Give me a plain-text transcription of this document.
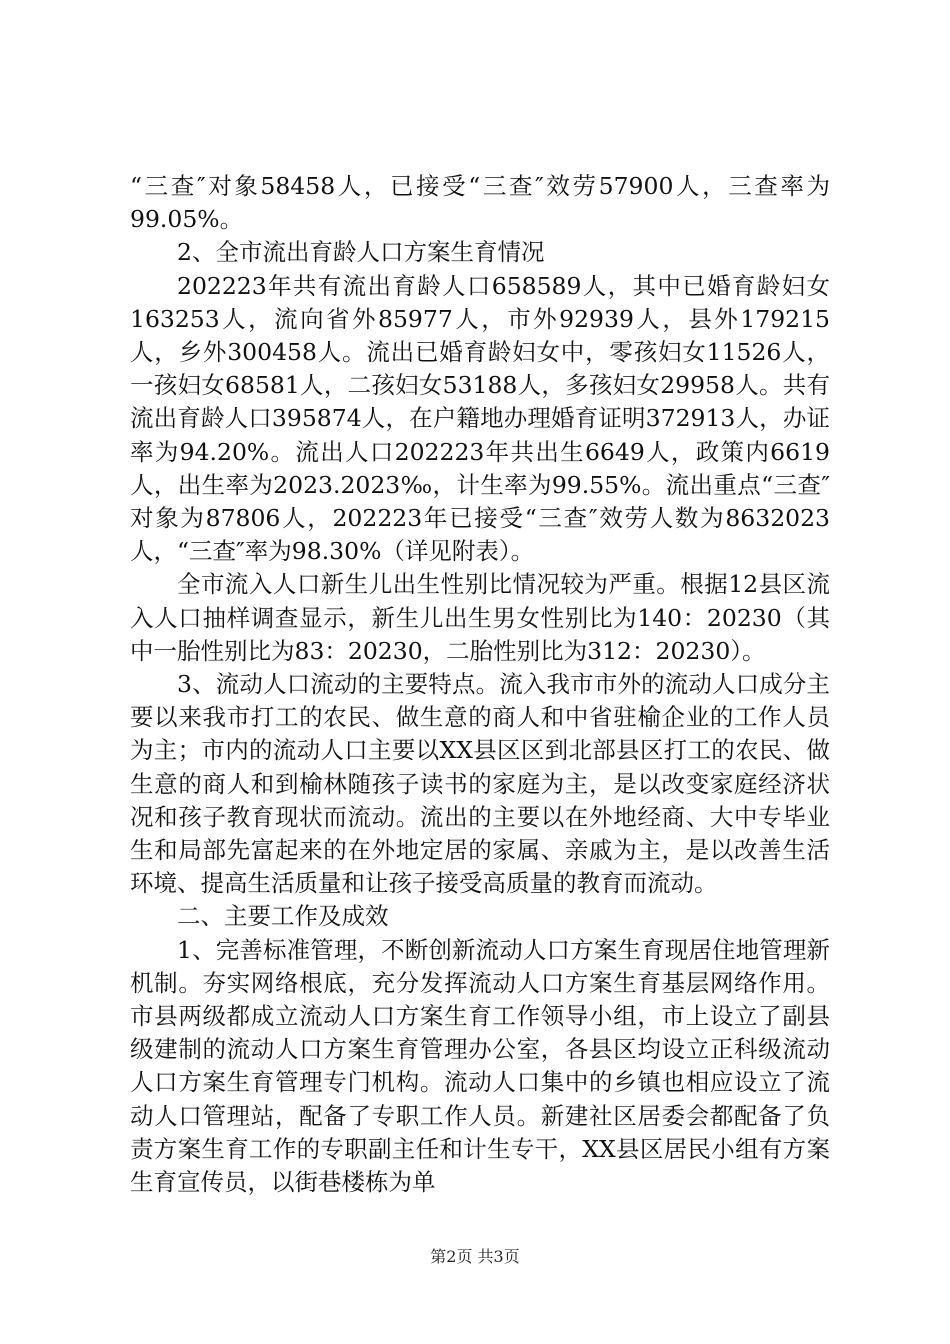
“三查″对象58458人，已接受“三查″效劳57900人，三查率为99.05%。

2、全市流出育龄人口方案生育情况

202223年共有流出育龄人口658589人，其中已婚育龄妇女163253人，流向省外85977人，市外92939人，县外179215人，乡外300458人。流出已婚育龄妇女中，零孩妇女11526人，一孩妇女68581人，二孩妇女53188人，多孩妇女29958人。共有流出育龄人口395874人，在户籍地办理婚育证明372913人，办证率为94.20%。流出人口202223年共出生6649人，政策内6619人，出生率为2023.2023‰，计生率为99.55%。流出重点“三查″对象为87806人，202223年已接受“三查″效劳人数为8632023人，“三查″率为98.30%（详见附表）。

全市流入人口新生儿出生性别比情况较为严重。根据12县区流入人口抽样调查显示，新生儿出生男女性别比为140：20230（其中一胎性别比为83：20230，二胎性别比为312：20230）。

3、流动人口流动的主要特点。流入我市市外的流动人口成分主要以来我市打工的农民、做生意的商人和中省驻榆企业的工作人员为主；市内的流动人口主要以XX县区区到北部县区打工的农民、做生意的商人和到榆林随孩子读书的家庭为主，是以改变家庭经济状况和孩子教育现状而流动。流出的主要以在外地经商、大中专毕业生和局部先富起来的在外地定居的家属、亲戚为主，是以改善生活环境、提高生活质量和让孩子接受高质量的教育而流动。

二、主要工作及成效

1、完善标准管理，不断创新流动人口方案生育现居住地管理新机制。夯实网络根底，充分发挥流动人口方案生育基层网络作用。市县两级都成立流动人口方案生育工作领导小组，市上设立了副县级建制的流动人口方案生育管理办公室，各县区均设立正科级流动人口方案生育管理专门机构。流动人口集中的乡镇也相应设立了流动人口管理站，配备了专职工作人员。新建社区居委会都配备了负责方案生育工作的专职副主任和计生专干，XX县区居民小组有方案生育宣传员，以街巷楼栋为单

第2页 共3页
